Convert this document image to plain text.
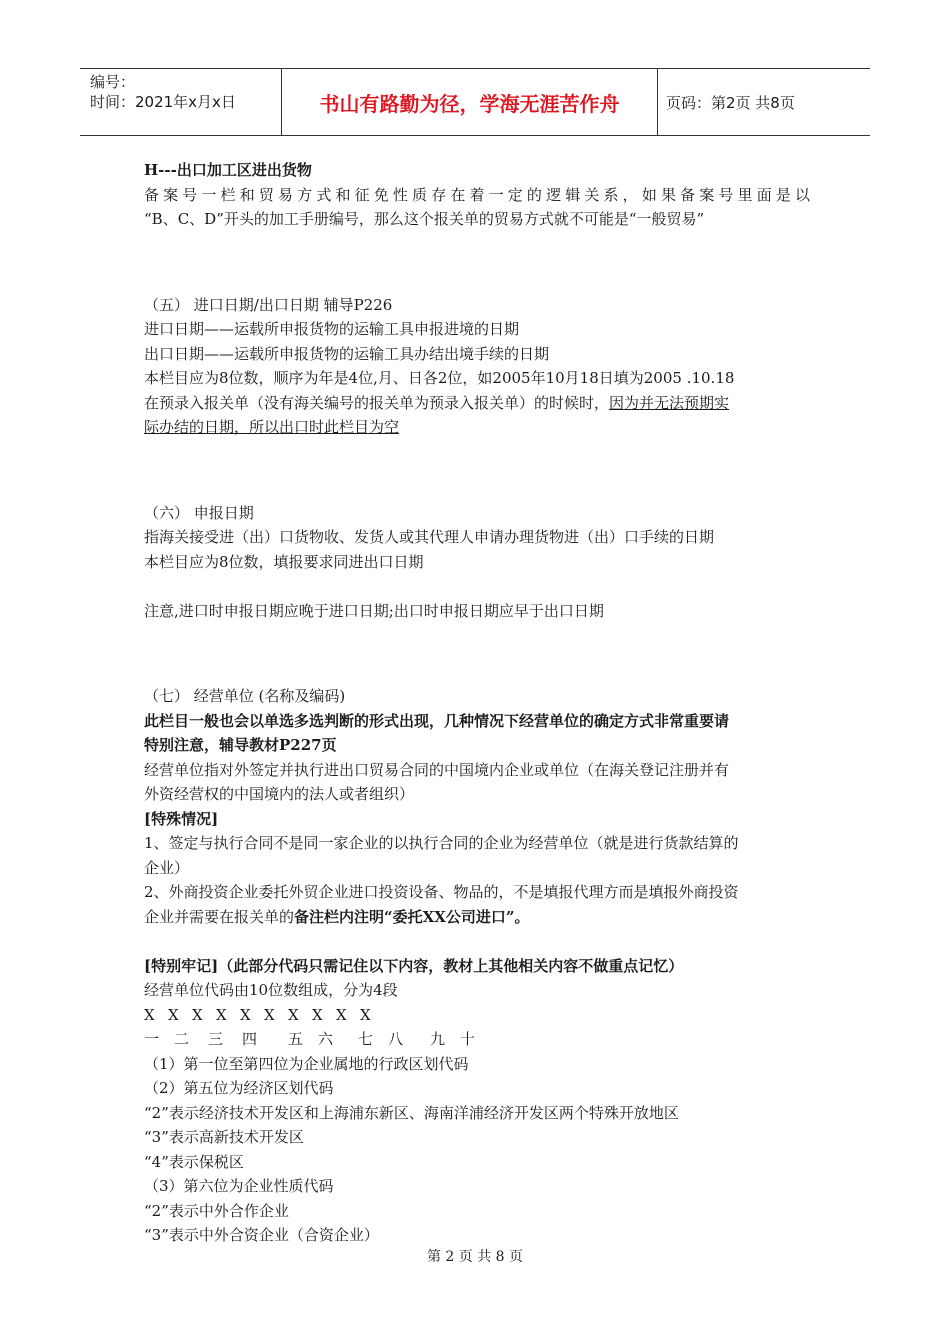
编号：
时间：2021年x月x日	书山有路勤为径，学海无涯苦作舟	页码：第2页 共8页

H---出口加工区进出货物

备案号一栏和贸易方式和征免性质存在着一定的逻辑关系，如果备案号里面是以

“B、C、D”开头的加工手册编号，那么这个报关单的贸易方式就不可能是“一般贸易”

（五） 进口日期/出口日期 辅导P226

进口日期——运载所申报货物的运输工具申报进境的日期

出口日期——运载所申报货物的运输工具办结出境手续的日期

本栏目应为8位数，顺序为年是4位,月、日各2位，如2005年10月18日填为2005 .10.18

在预录入报关单（没有海关编号的报关单为预录入报关单）的时候时，因为并无法预期实

际办结的日期，所以出口时此栏目为空

（六） 申报日期

指海关接受进（出）口货物收、发货人或其代理人申请办理货物进（出）口手续的日期

本栏目应为8位数，填报要求同进出口日期

注意,进口时申报日期应晚于进口日期;出口时申报日期应早于出口日期

（七） 经营单位 (名称及编码)

此栏目一般也会以单选多选判断的形式出现，几种情况下经营单位的确定方式非常重要请

特别注意，辅导教材P227页

经营单位指对外签定并执行进出口贸易合同的中国境内企业或单位（在海关登记注册并有

外资经营权的中国境内的法人或者组织）

[特殊情况]

1、签定与执行合同不是同一家企业的以执行合同的企业为经营单位（就是进行货款结算的

企业）

2、外商投资企业委托外贸企业进口投资设备、物品的，不是填报代理方而是填报外商投资

企业并需要在报关单的备注栏内注明“委托XX公司进口”。

[特别牢记]（此部分代码只需记住以下内容，教材上其他相关内容不做重点记忆）

经营单位代码由10位数组成，分为4段

X X X X X X X X X X

一 二 三 四 五 六 七 八 九 十

（1）第一位至第四位为企业属地的行政区划代码

（2）第五位为经济区划代码

“2”表示经济技术开发区和上海浦东新区、海南洋浦经济开发区两个特殊开放地区

“3”表示高新技术开发区

“4”表示保税区

（3）第六位为企业性质代码

“2”表示中外合作企业

“3”表示中外合资企业（合资企业）

第 2 页 共 8 页
